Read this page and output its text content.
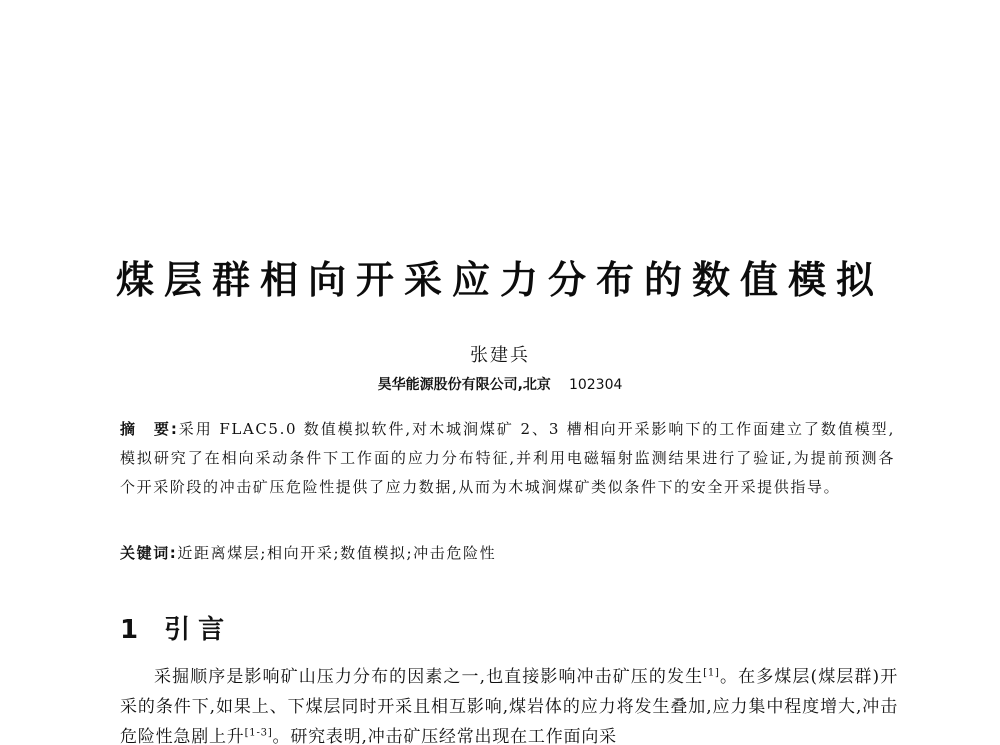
煤层群相向开采应力分布的数值模拟
张建兵
昊华能源股份有限公司,北京 102304
摘　要:采用 FLAC5.0 数值模拟软件,对木城涧煤矿 2、3 槽相向开采影响下的工作面建立了数值模型,模拟研究了在相向采动条件下工作面的应力分布特征,并利用电磁辐射监测结果进行了验证,为提前预测各个开采阶段的冲击矿压危险性提供了应力数据,从而为木城涧煤矿类似条件下的安全开采提供指导。
关键词:近距离煤层;相向开采;数值模拟;冲击危险性
1 引言

采掘顺序是影响矿山压力分布的因素之一,也直接影响冲击矿压的发生[1]。在多煤层(煤层群)开采的条件下,如果上、下煤层同时开采且相互影响,煤岩体的应力将发生叠加,应力集中程度增大,冲击危险性急剧上升[1-3]。研究表明,冲击矿压经常出现在工作面向采
